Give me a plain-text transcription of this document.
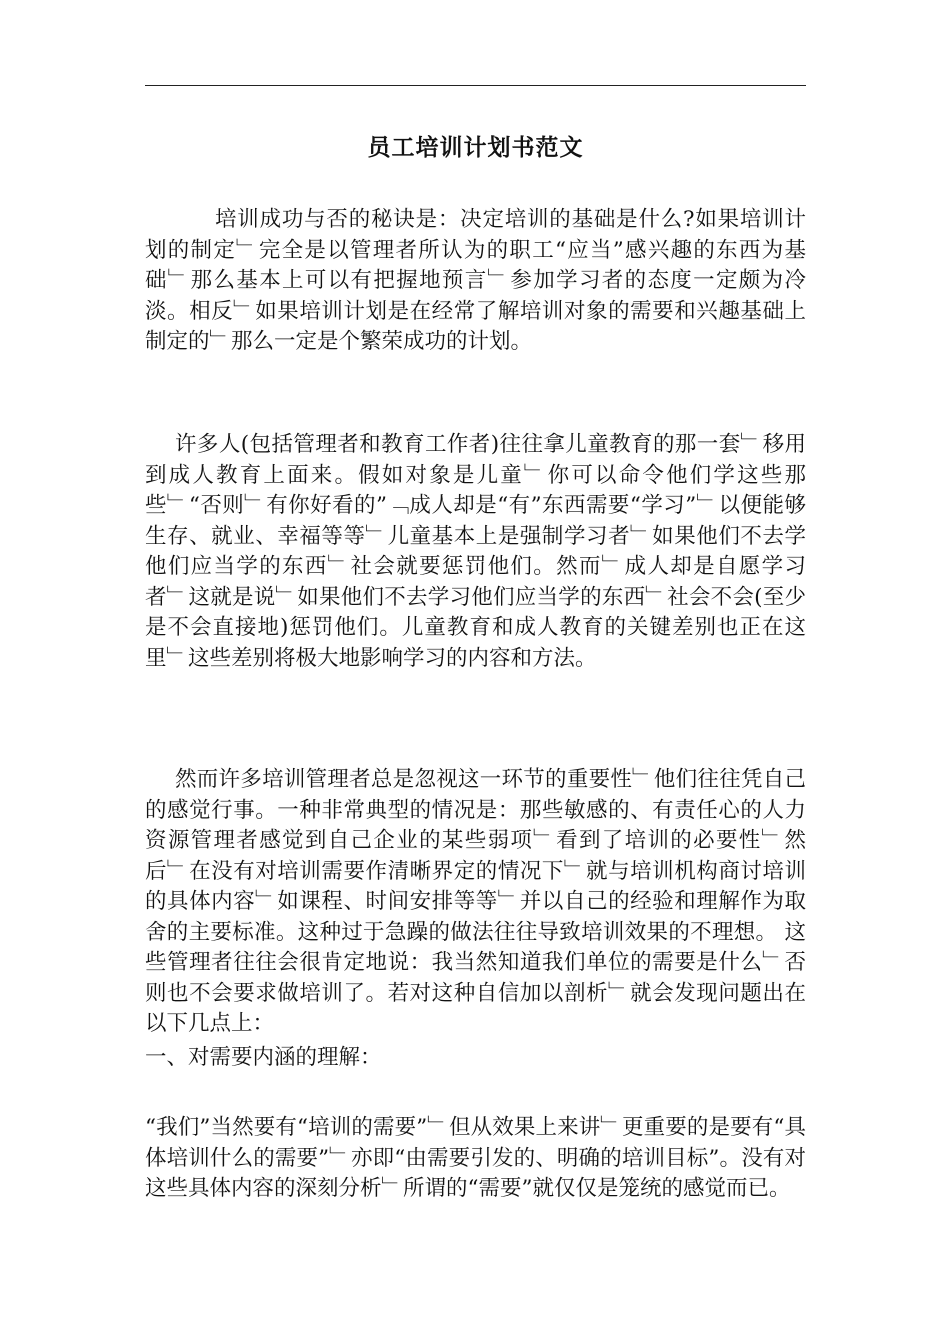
员工培训计划书范文

培训成功与否的秘诀是：决定培训的基础是什么?如果培训计划的制定﹂完全是以管理者所认为的职工“应当”感兴趣的东西为基础﹂那么基本上可以有把握地预言﹂参加学习者的态度一定颇为冷淡。相反﹂如果培训计划是在经常了解培训对象的需要和兴趣基础上制定的﹂那么一定是个繁荣成功的计划。

许多人(包括管理者和教育工作者)往往拿儿童教育的那一套﹂移用到成人教育上面来。假如对象是儿童﹂你可以命令他们学这些那些﹂“否则﹂有你好看的”﹁成人却是“有”东西需要“学习”﹂以便能够生存、就业、幸福等等﹂儿童基本上是强制学习者﹂如果他们不去学他们应当学的东西﹂社会就要惩罚他们。然而﹂成人却是自愿学习者﹂这就是说﹂如果他们不去学习他们应当学的东西﹂社会不会(至少是不会直接地)惩罚他们。儿童教育和成人教育的关键差别也正在这里﹂这些差别将极大地影响学习的内容和方法。

然而许多培训管理者总是忽视这一环节的重要性﹂他们往往凭自己的感觉行事。一种非常典型的情况是：那些敏感的、有责任心的人力资源管理者感觉到自己企业的某些弱项﹂看到了培训的必要性﹂然后﹂在没有对培训需要作清晰界定的情况下﹂就与培训机构商讨培训的具体内容﹂如课程、时间安排等等﹂并以自己的经验和理解作为取舍的主要标准。这种过于急躁的做法往往导致培训效果的不理想。 这些管理者往往会很肯定地说：我当然知道我们单位的需要是什么﹂否则也不会要求做培训了。若对这种自信加以剖析﹂就会发现问题出在以下几点上：

一、对需要内涵的理解：

“我们”当然要有“培训的需要”﹂但从效果上来讲﹂更重要的是要有“具体培训什么的需要”﹂亦即“由需要引发的、明确的培训目标”。没有对这些具体内容的深刻分析﹂所谓的“需要”就仅仅是笼统的感觉而已。
